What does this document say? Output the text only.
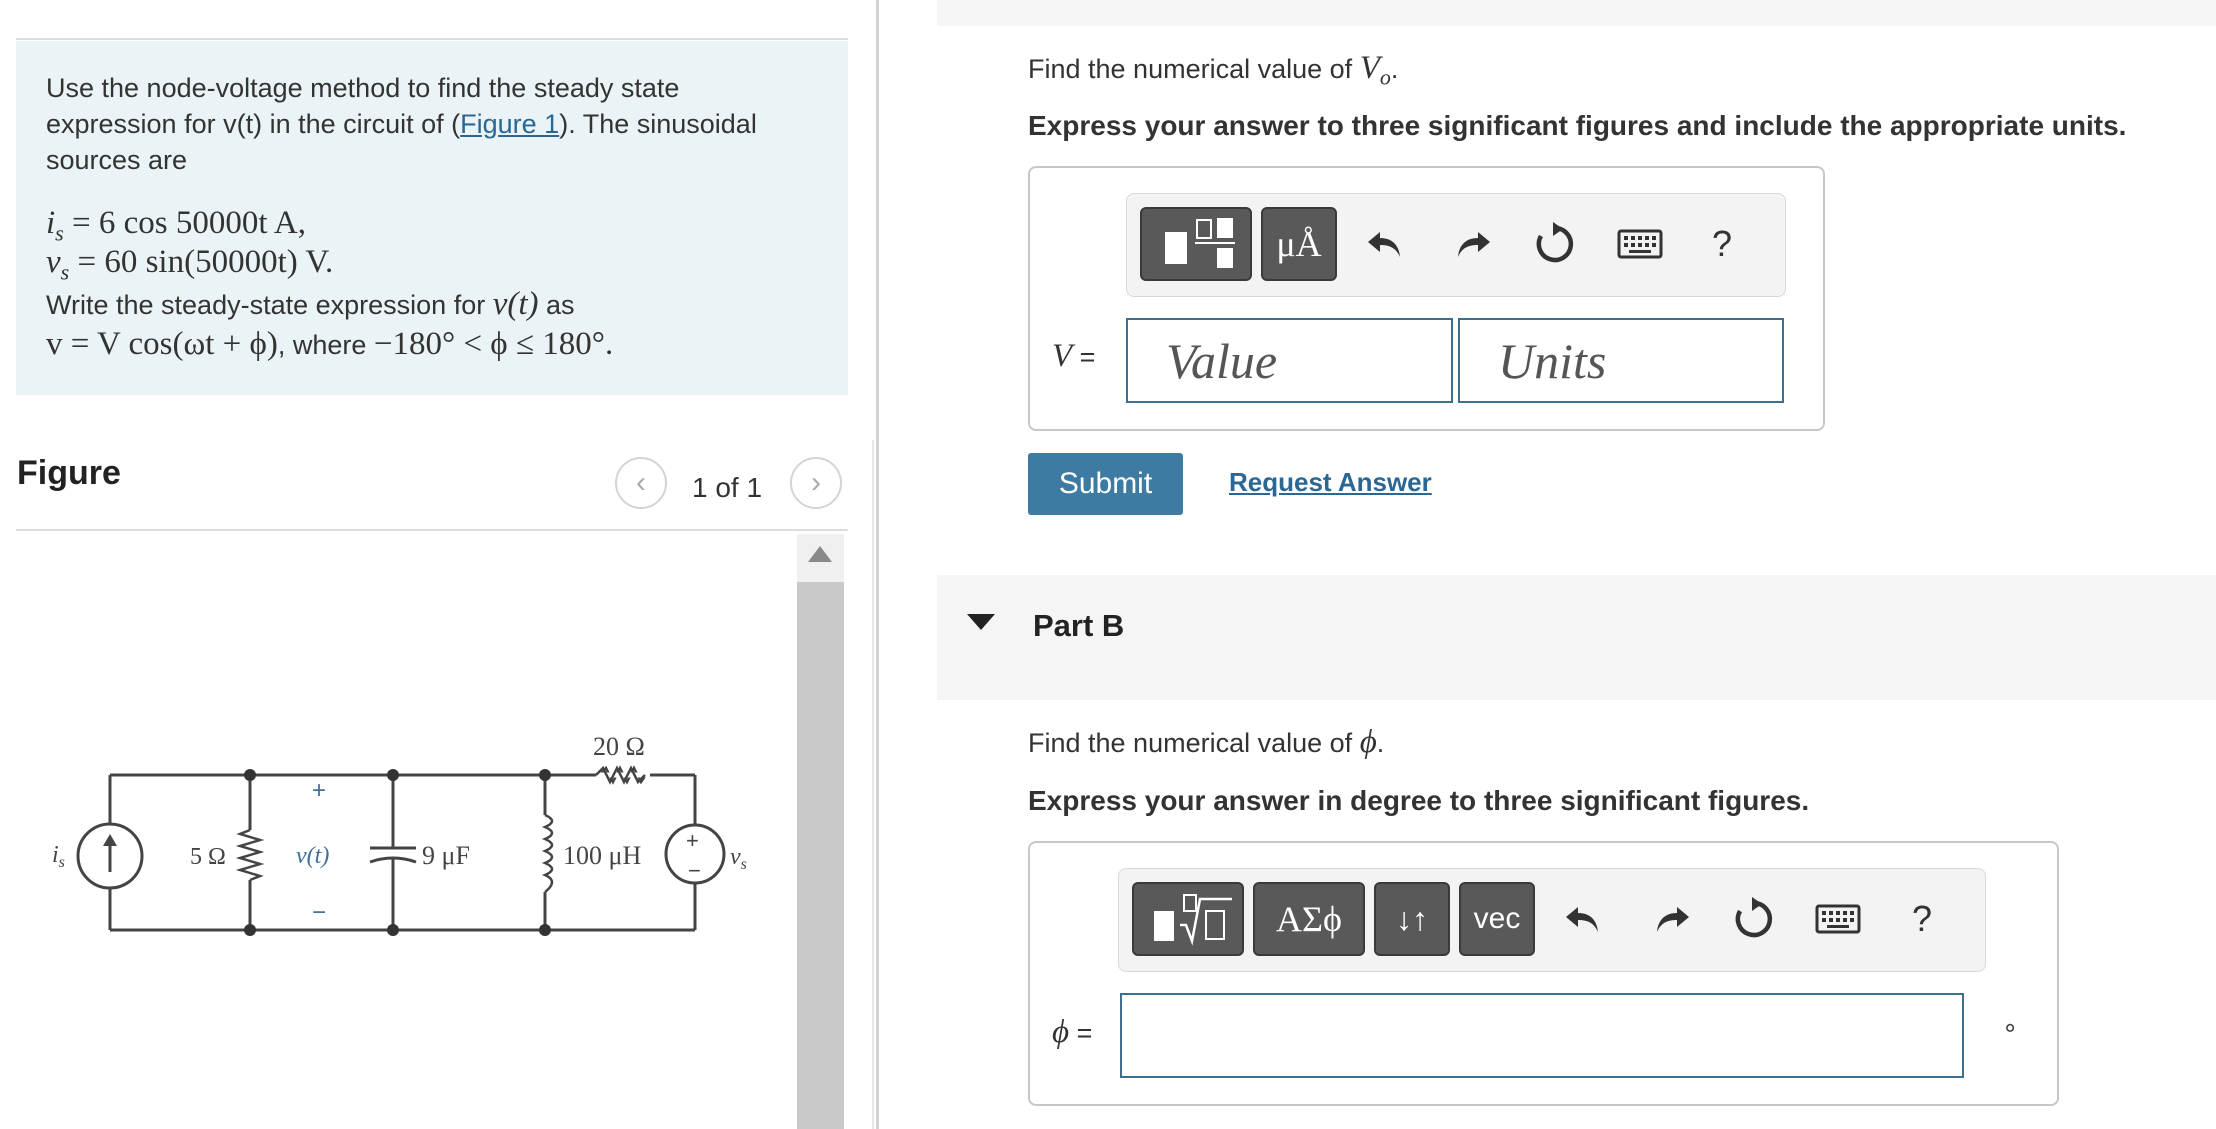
Use the node-voltage method to find the steady state
expression for v(t) in the circuit of (Figure 1). The sinusoidal
sources are
$i_s = 6$ cos 50000t A,
$v_s = 60$ sin(50000t) V.
Write the steady-state expression for v(t) as
v = V cos(ωt + ϕ), where −180° < ϕ ≤ 180°.
Figure	‹ 1 of 1 ›
$i_s$	5 Ω
+
v(t)
−
9 μF
20 Ω
100 μH
+
−
$v_s$
Find the numerical value of $V_o$.
Express your answer to three significant figures and include the appropriate units.
μÅ	?
V =
Value
Units
Submit	Request Answer
Part B
Find the numerical value of ϕ.
Express your answer in degree to three significant figures.
ΑΣϕ	↓↑	vec	?
ϕ =	∘
